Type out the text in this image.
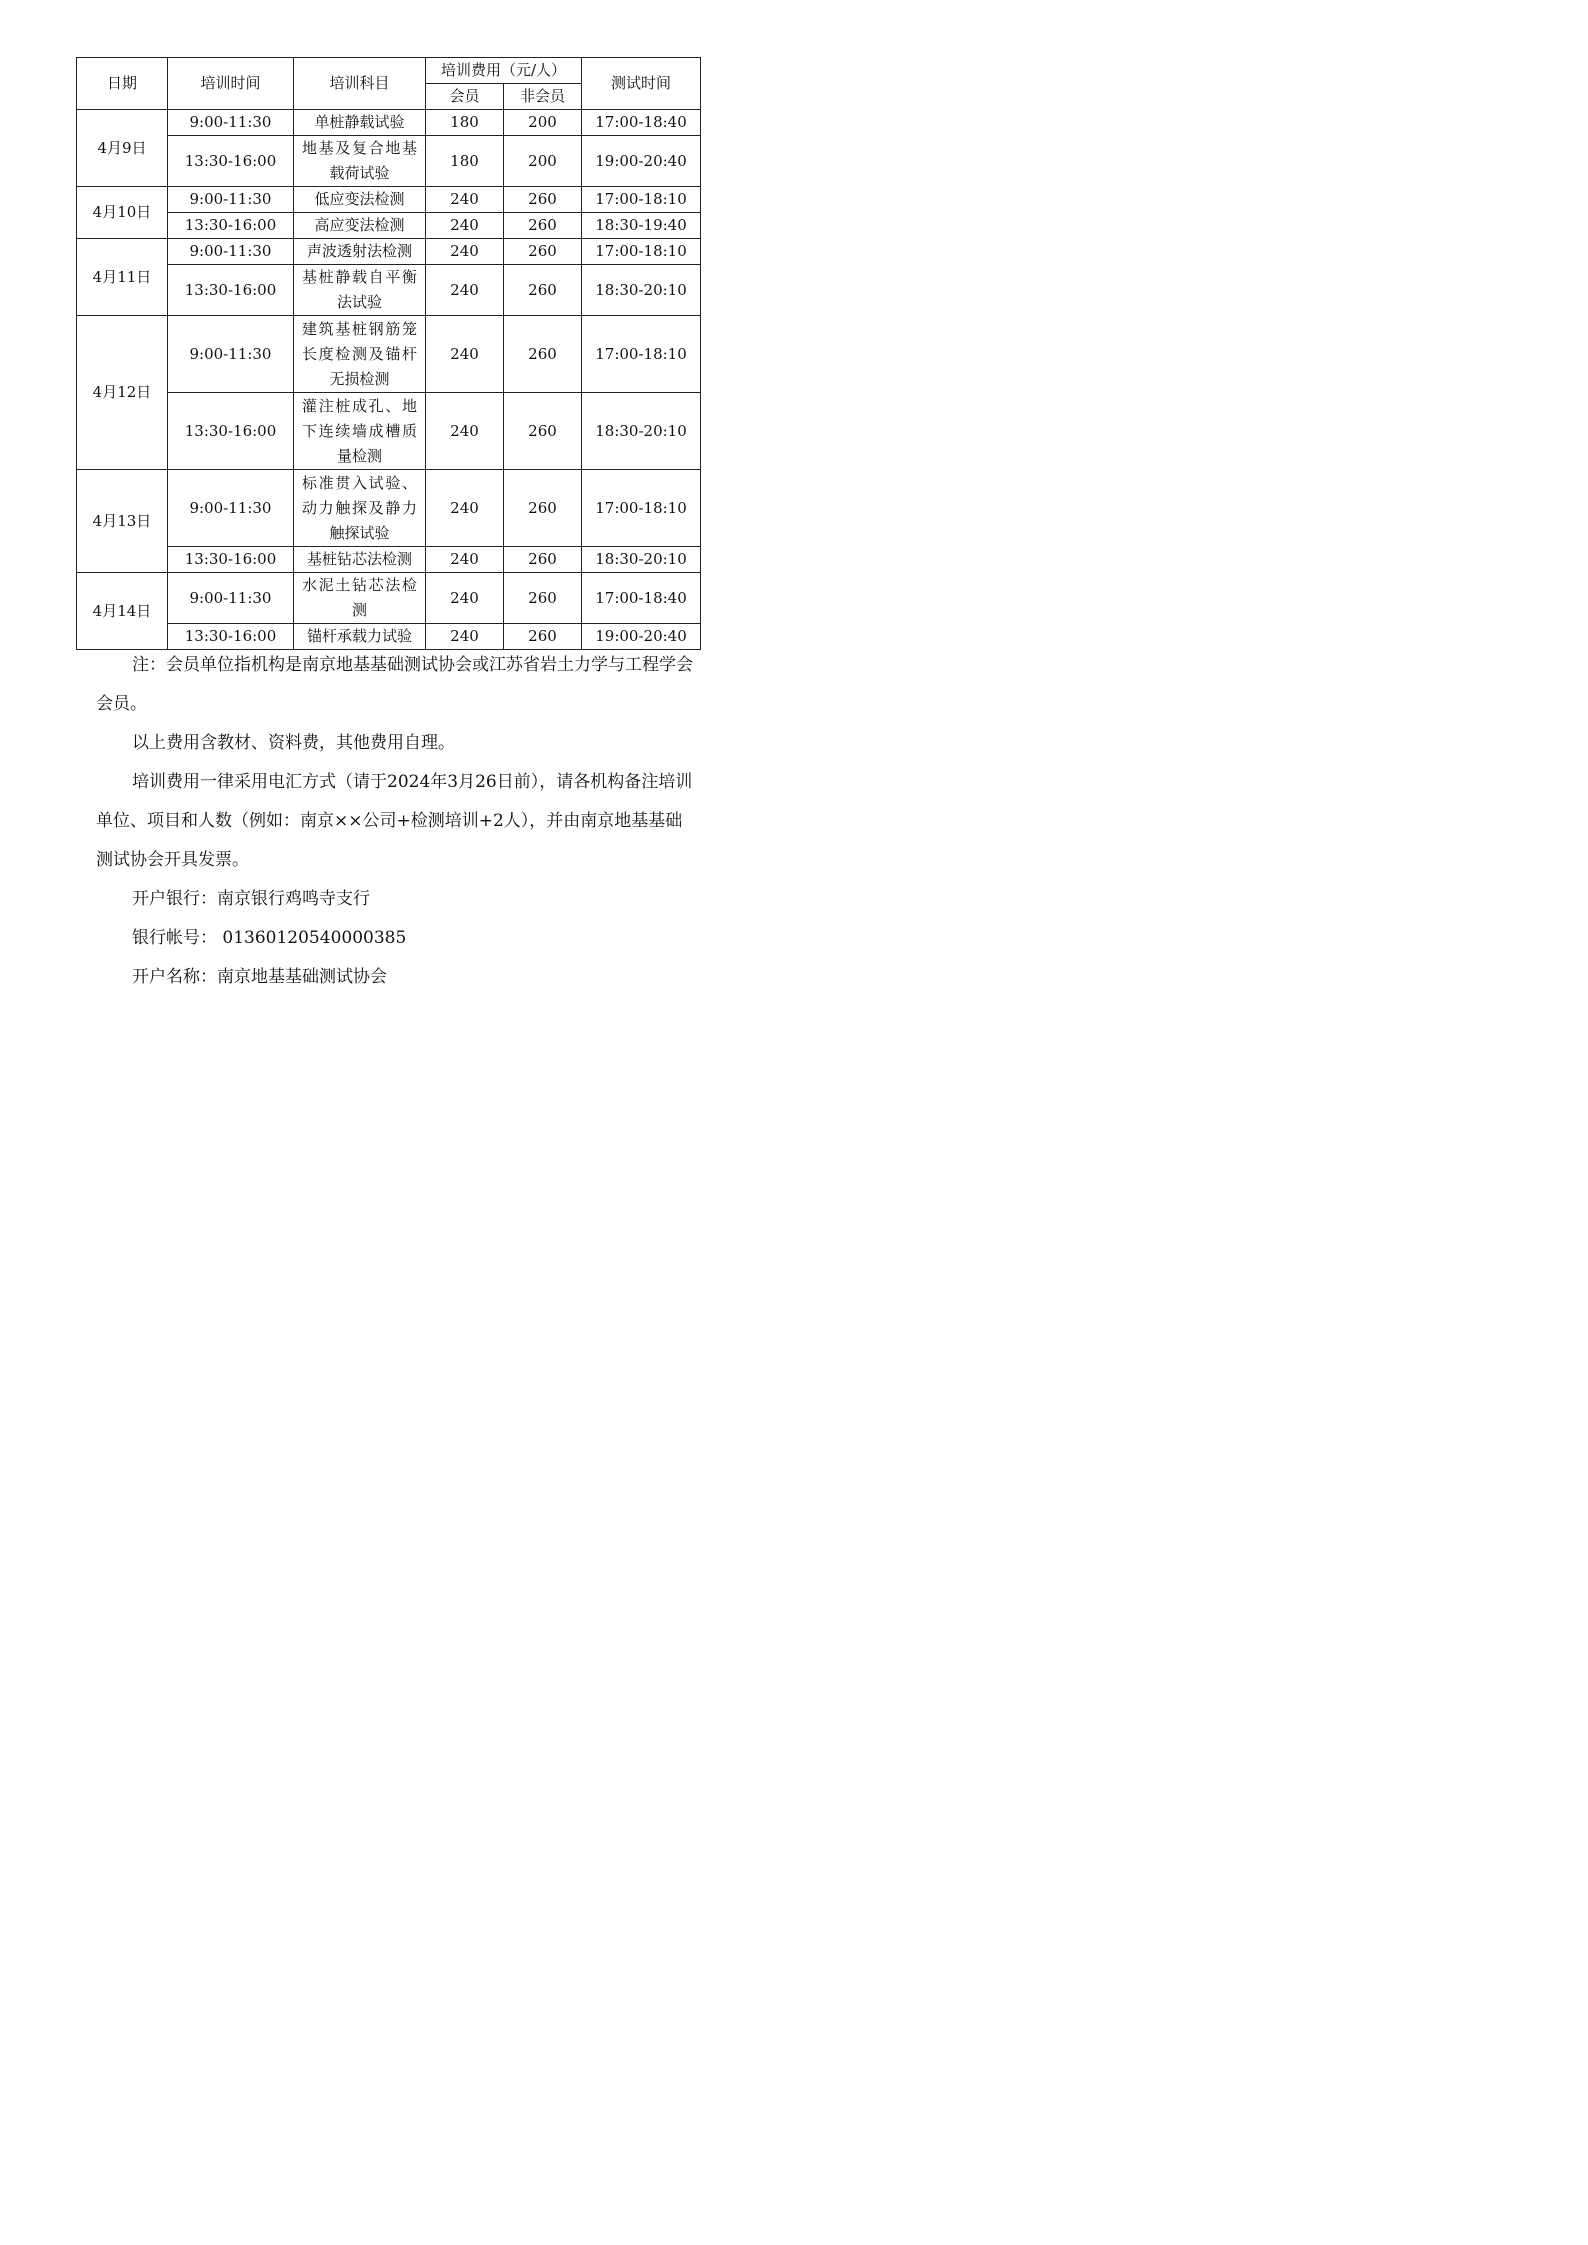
日期	培训时间	培训科目	培训费用（元/人）		测试时间
			会员	非会员	
4月9日	9:00-11:30	单桩静载试验	180	200	17:00-18:40
	13:30-16:00	地基及复合地基载荷试验	180	200	19:00-20:40
4月10日	9:00-11:30	低应变法检测	240	260	17:00-18:10
	13:30-16:00	高应变法检测	240	260	18:30-19:40
4月11日	9:00-11:30	声波透射法检测	240	260	17:00-18:10
	13:30-16:00	基桩静载自平衡法试验	240	260	18:30-20:10
4月12日	9:00-11:30	建筑基桩钢筋笼长度检测及锚杆无损检测	240	260	17:00-18:10
	13:30-16:00	灌注桩成孔、地下连续墙成槽质量检测	240	260	18:30-20:10
4月13日	9:00-11:30	标准贯入试验、动力触探及静力触探试验	240	260	17:00-18:10
	13:30-16:00	基桩钻芯法检测	240	260	18:30-20:10
4月14日	9:00-11:30	水泥土钻芯法检测	240	260	17:00-18:40
	13:30-16:00	锚杆承载力试验	240	260	19:00-20:40

注：会员单位指机构是南京地基基础测试协会或江苏省岩土力学与工程学会会员。

以上费用含教材、资料费，其他费用自理。

培训费用一律采用电汇方式（请于2024年3月26日前），请各机构备注培训单位、项目和人数（例如：南京××公司+检测培训+2人），并由南京地基基础测试协会开具发票。

开户银行：南京银行鸡鸣寺支行

银行帐号： 01360120540000385

开户名称：南京地基基础测试协会
